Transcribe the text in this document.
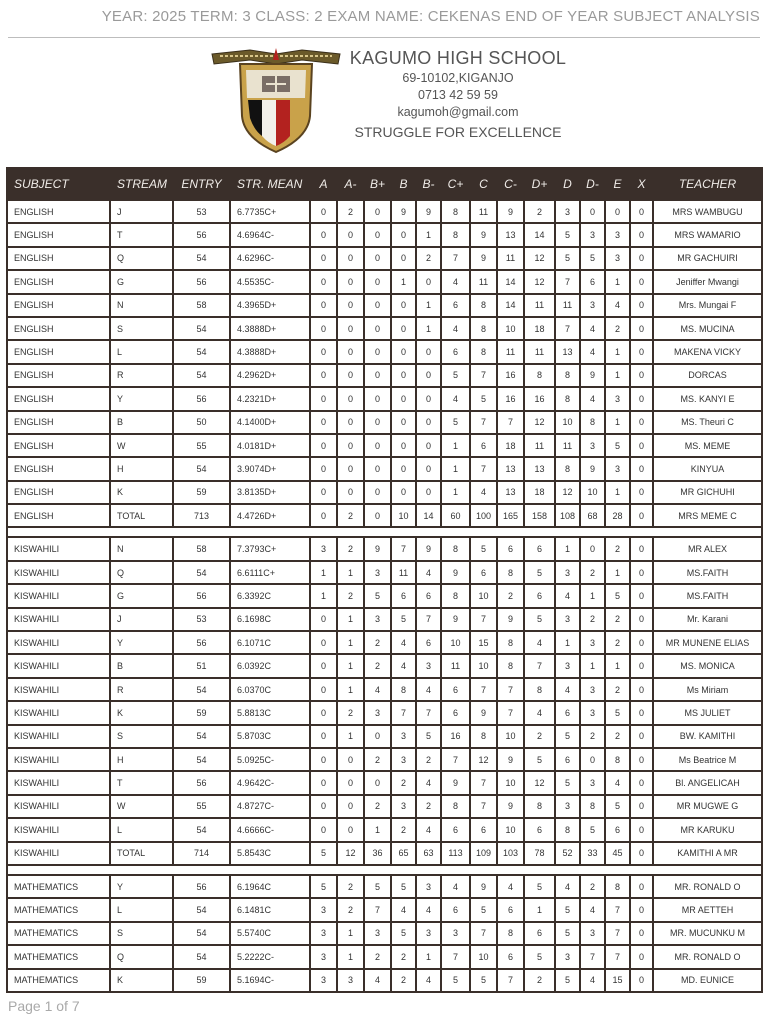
YEAR: 2025 TERM: 3 CLASS: 2 EXAM NAME: CEKENAS END OF YEAR SUBJECT ANALYSIS
KAGUMO HIGH SCHOOL
69-10102,KIGANJO
0713 42 59 59
kagumoh@gmail.com
STRUGGLE FOR EXCELLENCE
SUBJECT	STREAM	ENTRY	STR. MEAN	A	A-	B+	B	B-	C+	C	C-	D+	D	D-	E	X	TEACHER
ENGLISH	J	53	6.7735C+	0	2	0	9	9	8	11	9	2	3	0	0	0	MRS WAMBUGU
ENGLISH	T	56	4.6964C-	0	0	0	0	1	8	9	13	14	5	3	3	0	MRS WAMARIO
ENGLISH	Q	54	4.6296C-	0	0	0	0	2	7	9	11	12	5	5	3	0	MR GACHUIRI
ENGLISH	G	56	4.5535C-	0	0	0	1	0	4	11	14	12	7	6	1	0	Jeniffer Mwangi
ENGLISH	N	58	4.3965D+	0	0	0	0	1	6	8	14	11	11	3	4	0	Mrs. Mungai F
ENGLISH	S	54	4.3888D+	0	0	0	0	1	4	8	10	18	7	4	2	0	MS. MUCINA
ENGLISH	L	54	4.3888D+	0	0	0	0	0	6	8	11	11	13	4	1	0	MAKENA VICKY
ENGLISH	R	54	4.2962D+	0	0	0	0	0	5	7	16	8	8	9	1	0	DORCAS
ENGLISH	Y	56	4.2321D+	0	0	0	0	0	4	5	16	16	8	4	3	0	MS. KANYI E
ENGLISH	B	50	4.1400D+	0	0	0	0	0	5	7	7	12	10	8	1	0	MS. Theuri C
ENGLISH	W	55	4.0181D+	0	0	0	0	0	1	6	18	11	11	3	5	0	MS. MEME
ENGLISH	H	54	3.9074D+	0	0	0	0	0	1	7	13	13	8	9	3	0	KINYUA
ENGLISH	K	59	3.8135D+	0	0	0	0	0	1	4	13	18	12	10	1	0	MR GICHUHI
ENGLISH	TOTAL	713	4.4726D+	0	2	0	10	14	60	100	165	158	108	68	28	0	MRS MEME C

KISWAHILI	N	58	7.3793C+	3	2	9	7	9	8	5	6	6	1	0	2	0	MR ALEX
KISWAHILI	Q	54	6.6111C+	1	1	3	11	4	9	6	8	5	3	2	1	0	MS.FAITH
KISWAHILI	G	56	6.3392C	1	2	5	6	6	8	10	2	6	4	1	5	0	MS.FAITH
KISWAHILI	J	53	6.1698C	0	1	3	5	7	9	7	9	5	3	2	2	0	Mr. Karani
KISWAHILI	Y	56	6.1071C	0	1	2	4	6	10	15	8	4	1	3	2	0	MR MUNENE ELIAS
KISWAHILI	B	51	6.0392C	0	1	2	4	3	11	10	8	7	3	1	1	0	MS. MONICA
KISWAHILI	R	54	6.0370C	0	1	4	8	4	6	7	7	8	4	3	2	0	Ms Miriam
KISWAHILI	K	59	5.8813C	0	2	3	7	7	6	9	7	4	6	3	5	0	MS JULIET
KISWAHILI	S	54	5.8703C	0	1	0	3	5	16	8	10	2	5	2	2	0	BW. KAMITHI
KISWAHILI	H	54	5.0925C-	0	0	2	3	2	7	12	9	5	6	0	8	0	Ms Beatrice M
KISWAHILI	T	56	4.9642C-	0	0	0	2	4	9	7	10	12	5	3	4	0	Bl. ANGELICAH
KISWAHILI	W	55	4.8727C-	0	0	2	3	2	8	7	9	8	3	8	5	0	MR MUGWE G
KISWAHILI	L	54	4.6666C-	0	0	1	2	4	6	6	10	6	8	5	6	0	MR KARUKU
KISWAHILI	TOTAL	714	5.8543C	5	12	36	65	63	113	109	103	78	52	33	45	0	KAMITHI A MR

MATHEMATICS	Y	56	6.1964C	5	2	5	5	3	4	9	4	5	4	2	8	0	MR. RONALD O
MATHEMATICS	L	54	6.1481C	3	2	7	4	4	6	5	6	1	5	4	7	0	MR AETTEH
MATHEMATICS	S	54	5.5740C	3	1	3	5	3	3	7	8	6	5	3	7	0	MR. MUCUNKU M
MATHEMATICS	Q	54	5.2222C-	3	1	2	2	1	7	10	6	5	3	7	7	0	MR. RONALD O
MATHEMATICS	K	59	5.1694C-	3	3	4	2	4	5	5	7	2	5	4	15	0	MD. EUNICE
Page 1 of 7
